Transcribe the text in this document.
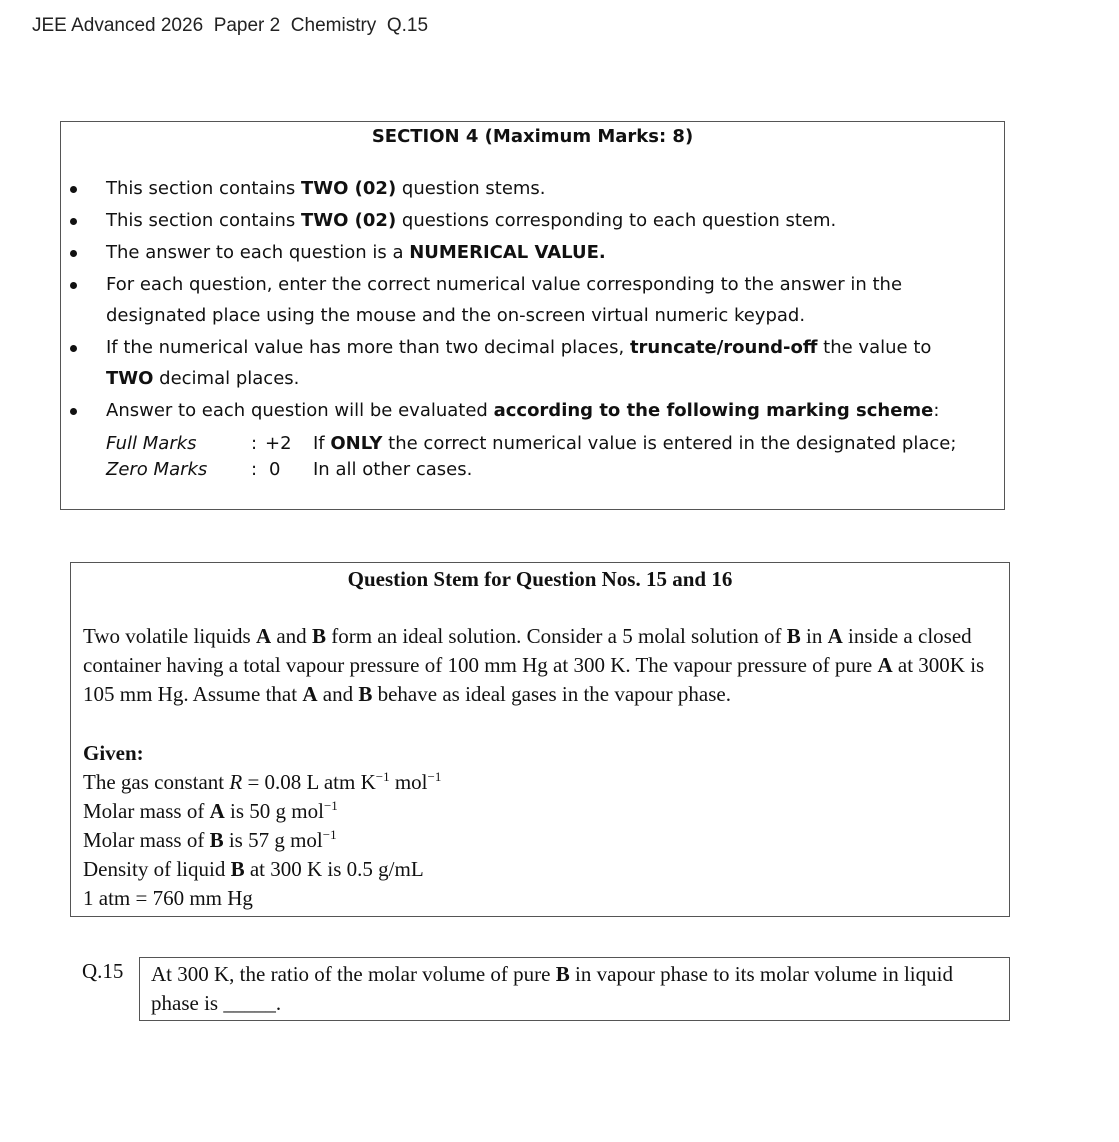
JEE Advanced 2026  Paper 2  Chemistry  Q.15
SECTION 4 (Maximum Marks: 8)
This section contains TWO (02) question stems.
This section contains TWO (02) questions corresponding to each question stem.
The answer to each question is a NUMERICAL VALUE.
For each question, enter the correct numerical value corresponding to the answer in the designated place using the mouse and the on-screen virtual numeric keypad.
If the numerical value has more than two decimal places, truncate/round-off the value to TWO decimal places.
Answer to each question will be evaluated according to the following marking scheme:
Full Marks	: +2 If ONLY the correct numerical value is entered in the designated place;
Zero Marks : 0 In all other cases.
Question Stem for Question Nos. 15 and 16
Two volatile liquids A and B form an ideal solution. Consider a 5 molal solution of B in A inside a closed container having a total vapour pressure of 100 mm Hg at 300 K. The vapour pressure of pure A at 300K is 105 mm Hg. Assume that A and B behave as ideal gases in the vapour phase.
Given:
The gas constant R = 0.08 L atm $K^{-1}$ mol$^{-1}$
Molar mass of A is 50 g mol$^{-1}$
Molar mass of B is 57 g mol$^{-1}$
Density of liquid B at 300 K is 0.5 g/mL
1 atm = 760 mm Hg
Q.15	At 300 K, the ratio of the molar volume of pure B in vapour phase to its molar volume in liquid phase is _____.
